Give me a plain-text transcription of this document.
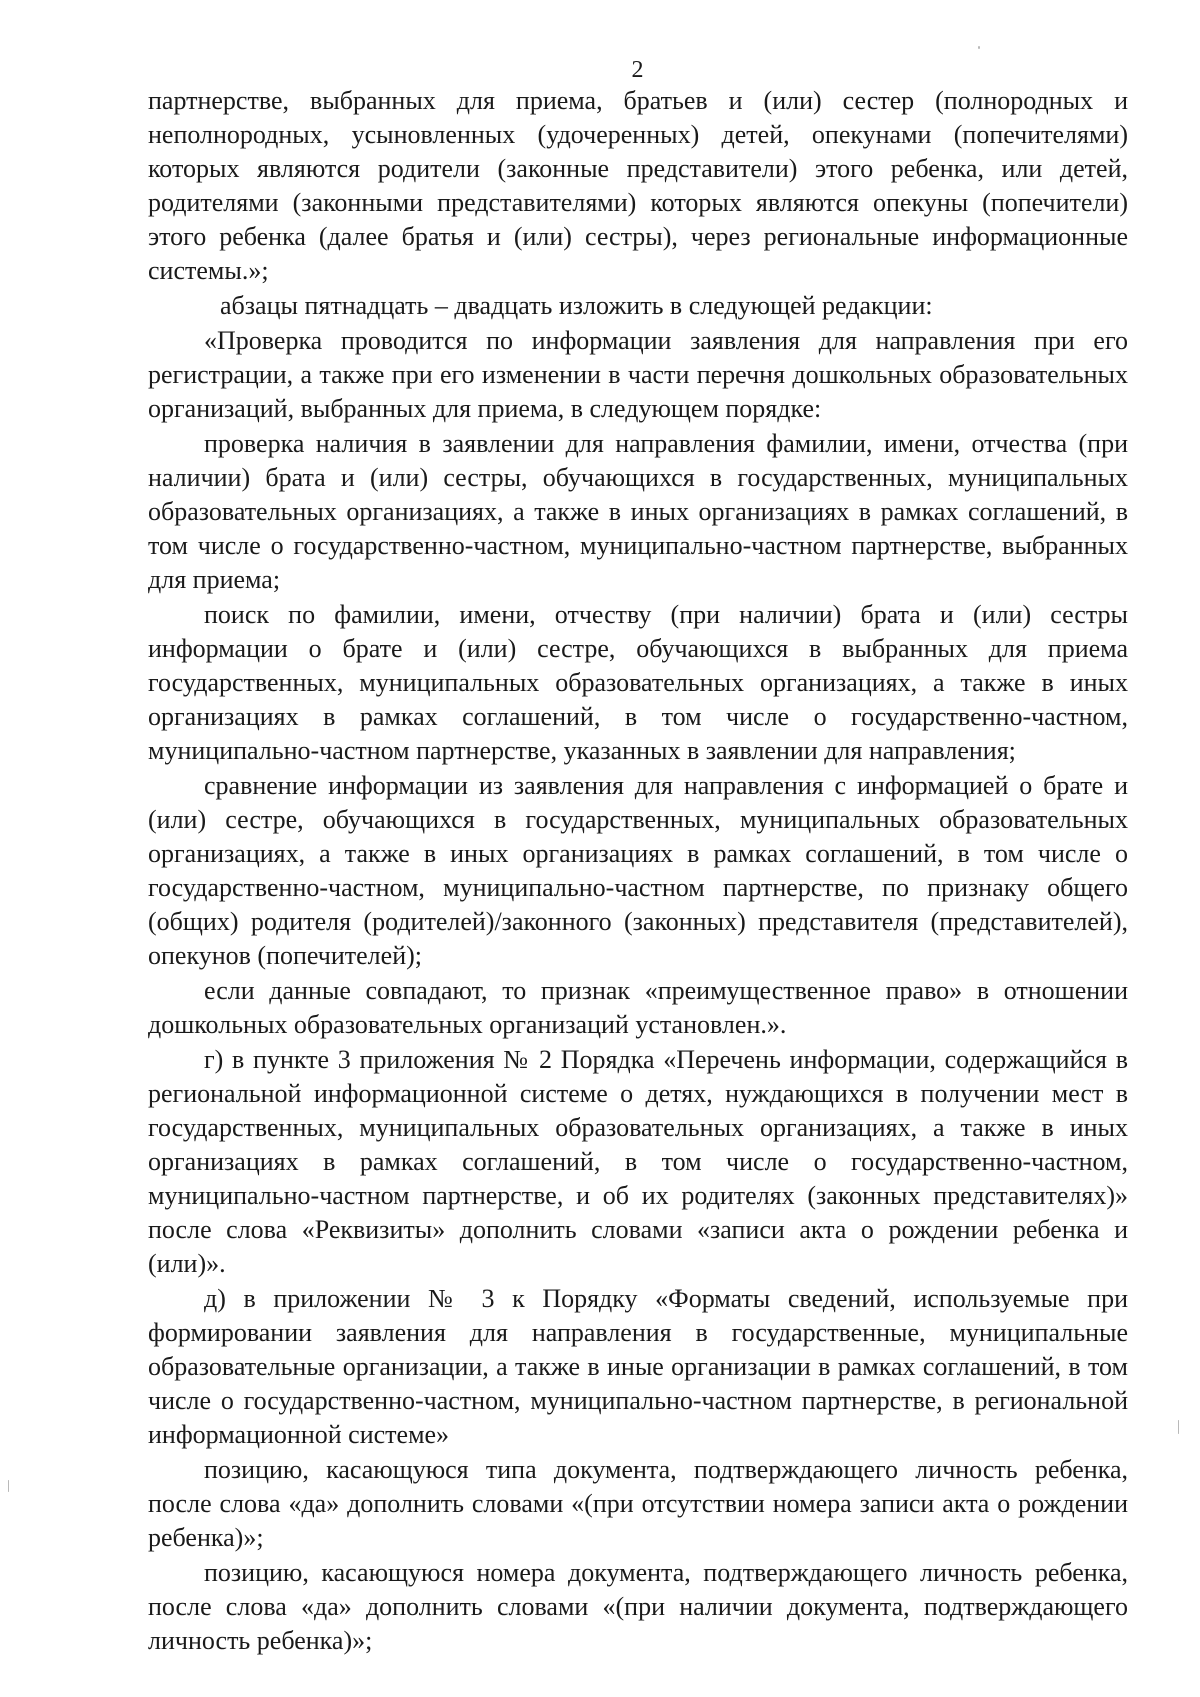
2

партнерстве, выбранных для приема, братьев и (или) сестер (полнородных и неполнородных, усыновленных (удочеренных) детей, опекунами (попечителями) которых являются родители (законные представители) этого ребенка, или детей, родителями (законными представителями) которых являются опекуны (попечители) этого ребенка (далее братья и (или) сестры), через региональные информационные системы.»;

абзацы пятнадцать – двадцать изложить в следующей редакции:

«Проверка проводится по информации заявления для направления при его регистрации, а также при его изменении в части перечня дошкольных образовательных организаций, выбранных для приема, в следующем порядке:

проверка наличия в заявлении для направления фамилии, имени, отчества (при наличии) брата и (или) сестры, обучающихся в государственных, муниципальных образовательных организациях, а также в иных организациях в рамках соглашений, в том числе о государственно-частном, муниципально-частном партнерстве, выбранных для приема;

поиск по фамилии, имени, отчеству (при наличии) брата и (или) сестры информации о брате и (или) сестре, обучающихся в выбранных для приема государственных, муниципальных образовательных организациях, а также в иных организациях в рамках соглашений, в том числе о государственно-частном, муниципально-частном партнерстве, указанных в заявлении для направления;

сравнение информации из заявления для направления с информацией о брате и (или) сестре, обучающихся в государственных, муниципальных образовательных организациях, а также в иных организациях в рамках соглашений, в том числе о государственно-частном, муниципально-частном партнерстве, по признаку общего (общих) родителя (родителей)/законного (законных) представителя (представителей), опекунов (попечителей);

если данные совпадают, то признак «преимущественное право» в отношении дошкольных образовательных организаций установлен.».

г) в пункте 3 приложения № 2 Порядка «Перечень информации, содержащийся в региональной информационной системе о детях, нуждающихся в получении мест в государственных, муниципальных образовательных организациях, а также в иных организациях в рамках соглашений, в том числе о государственно-частном, муниципально-частном партнерстве, и об их родителях (законных представителях)» после слова «Реквизиты» дополнить словами «записи акта о рождении ребенка и (или)».

д) в приложении № 3 к Порядку «Форматы сведений, используемые при формировании заявления для направления в государственные, муниципальные образовательные организации, а также в иные организации в рамках соглашений, в том числе о государственно-частном, муниципально-частном партнерстве, в региональной информационной системе»

позицию, касающуюся типа документа, подтверждающего личность ребенка, после слова «да» дополнить словами «(при отсутствии номера записи акта о рождении ребенка)»;

позицию, касающуюся номера документа, подтверждающего личность ребенка, после слова «да» дополнить словами «(при наличии документа, подтверждающего личность ребенка)»;
